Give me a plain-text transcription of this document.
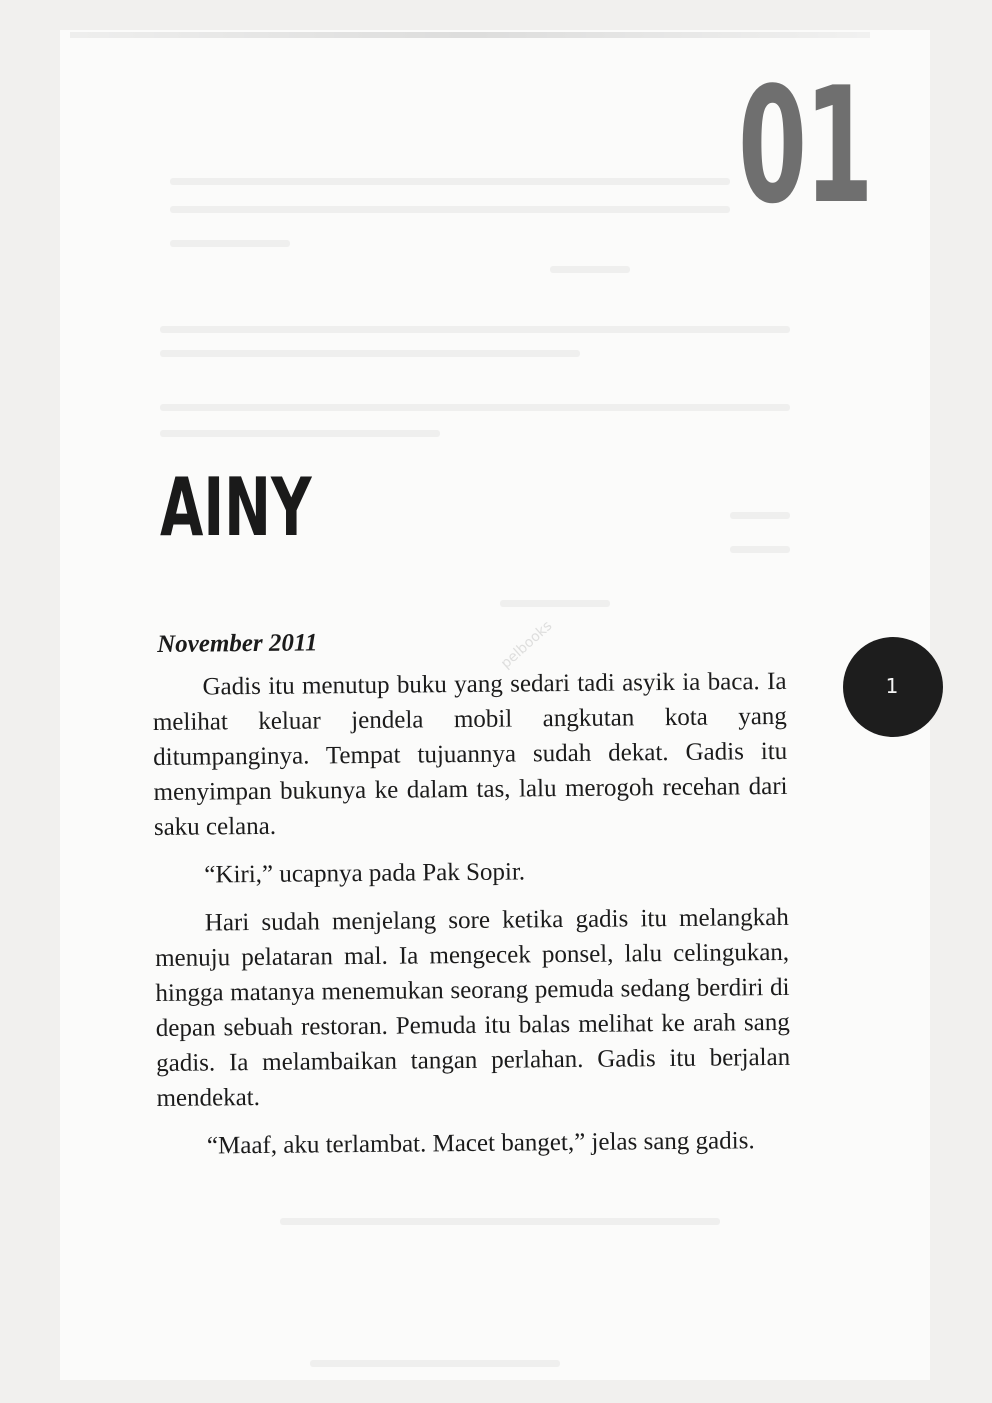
01
AINY
1
pelbooks
November 2011

Gadis itu menutup buku yang sedari tadi asyik ia baca. Ia melihat keluar jendela mobil angkutan kota yang ditumpanginya. Tempat tujuannya sudah dekat. Gadis itu menyimpan bukunya ke dalam tas, lalu merogoh recehan dari saku celana.

“Kiri,” ucapnya pada Pak Sopir.

Hari sudah menjelang sore ketika gadis itu melangkah menuju pelataran mal. Ia mengecek ponsel, lalu celingukan, hingga matanya menemukan seorang pemuda sedang berdiri di depan sebuah restoran. Pemuda itu balas melihat ke arah sang gadis. Ia melambaikan tangan perlahan. Gadis itu berjalan mendekat.

“Maaf, aku terlambat. Macet banget,” jelas sang gadis.
